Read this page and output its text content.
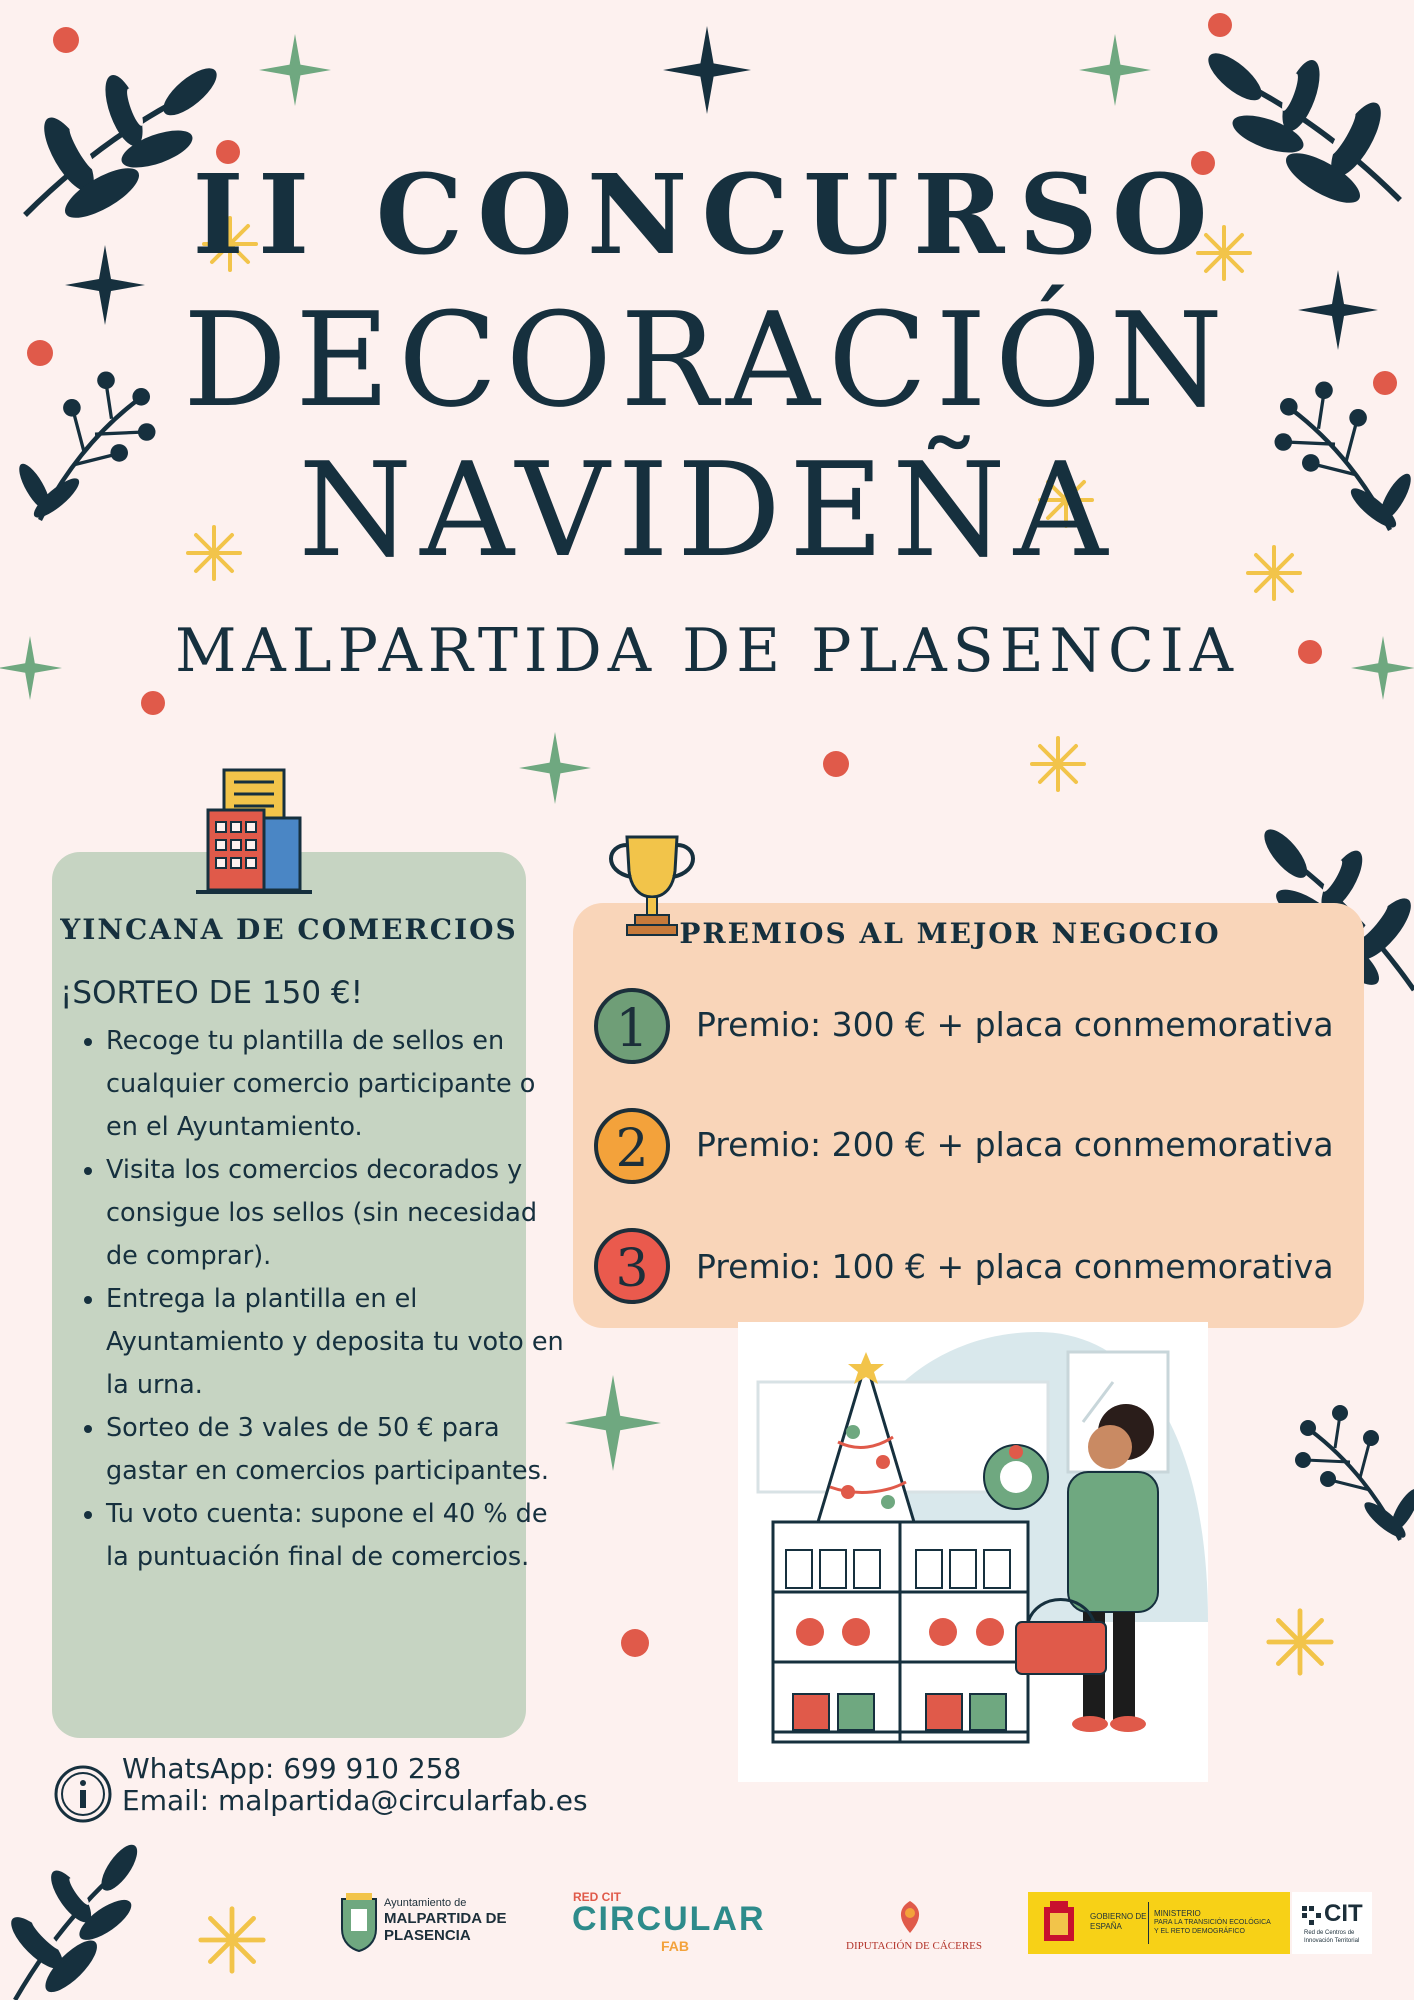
II CONCURSO
DECORACIÓN
NAVIDEÑA
MALPARTIDA DE PLASENCIA
YINCANA DE COMERCIOS
¡SORTEO DE 150 €!
• Recoge tu plantilla de sellos en cualquier comercio participante o en el Ayuntamiento.
• Visita los comercios decorados y consigue los sellos (sin necesidad de comprar).
• Entrega la plantilla en el Ayuntamiento y deposita tu voto en la urna.
• Sorteo de 3 vales de 50 € para gastar en comercios participantes.
• Tu voto cuenta: supone el 40 % de la puntuación final de comercios.
WhatsApp: 699 910 258
Email: malpartida@circularfab.es
PREMIOS AL MEJOR NEGOCIO
1	Premio: 300 € + placa conmemorativa
2	Premio: 200 € + placa conmemorativa
3	Premio: 100 € + placa conmemorativa
Ayuntamiento de
MALPARTIDA DE
PLASENCIA
RED CIT
CIRCULAR
FAB	DIPUTACIÓN DE CÁCERES
GOBIERNO DE ESPAÑA
MINISTERIO
PARA LA TRANSICIÓN ECOLÓGICA
Y EL RETO DEMOGRÁFICO
CIT
Red de Centros de
Innovación Territorial
